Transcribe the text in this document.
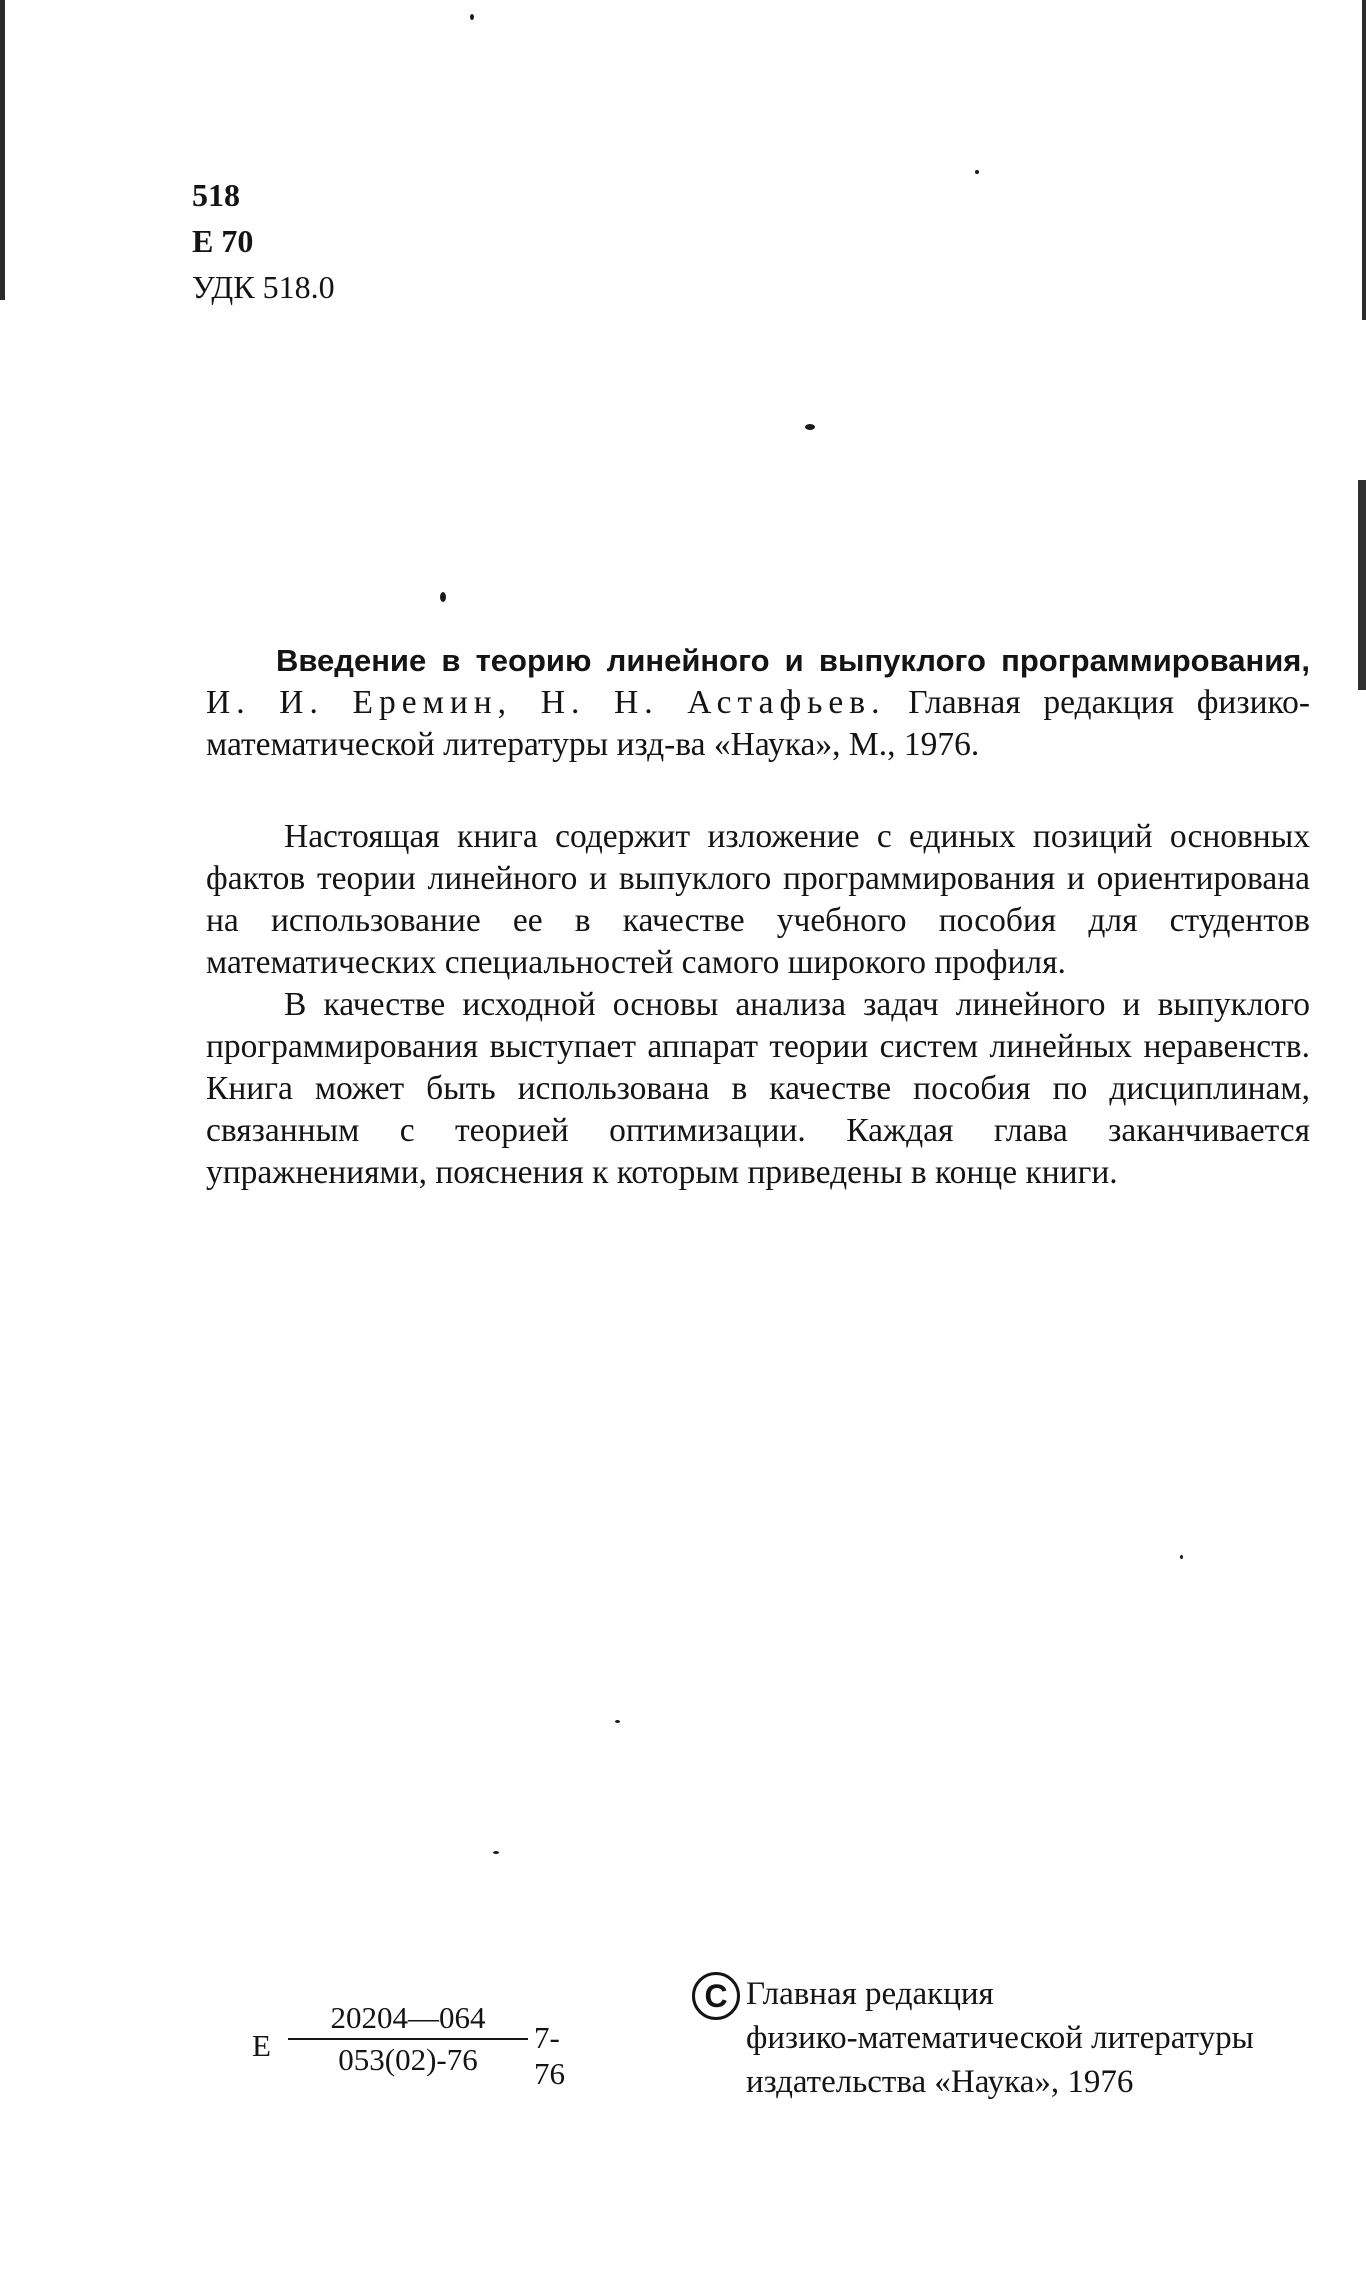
518
Е 70
УДК 518.0

Введение в теорию линейного и выпуклого программирования, И. И. Еремин, Н. Н. Астафьев. Главная редакция физико-математической литературы изд-ва «Наука», М., 1976.

Настоящая книга содержит изложение с единых позиций основных фактов теории линейного и выпуклого программирования и ориентирована на использование ее в качестве учебного пособия для студентов математических специальностей самого широкого профиля.

В качестве исходной основы анализа задач линейного и выпуклого программирования выступает аппарат теории систем линейных неравенств. Книга может быть использована в качестве пособия по дисциплинам, связанным с теорией оптимизации. Каждая глава заканчивается упражнениями, пояснения к которым приведены в конце книги.

Е $\frac{20204—064}{053(02)-76} 7-76$
C Главная редакция
физико-математической литературы
издательства «Наука», 1976
